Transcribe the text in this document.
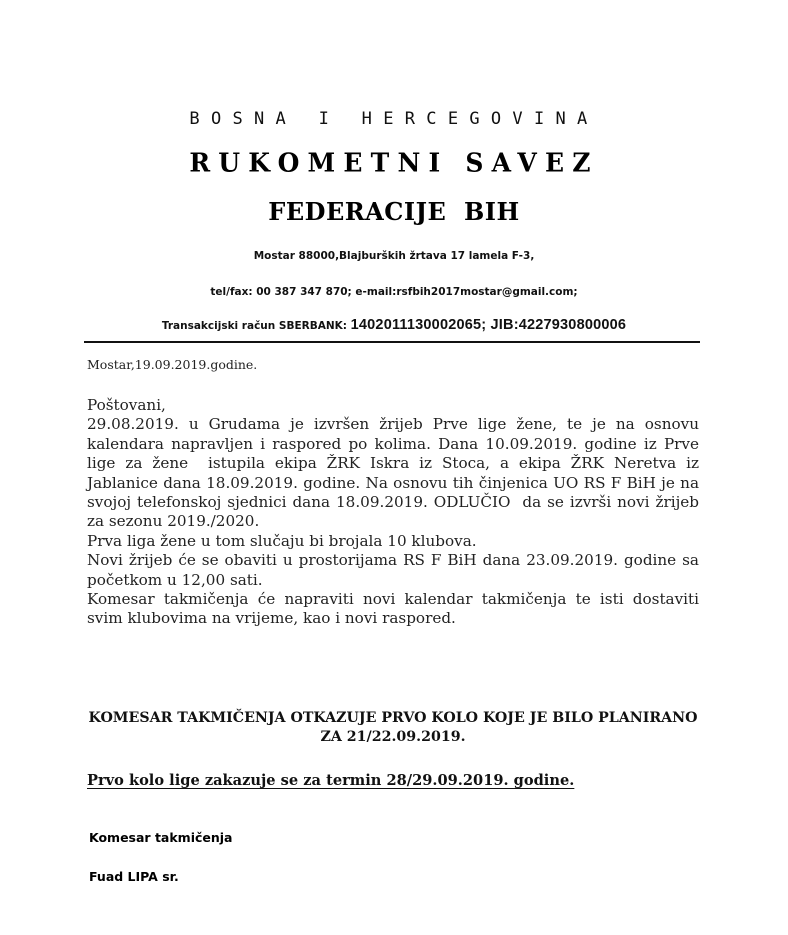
BOSNA I HERCEGOVINA
RUKOMETNI SAVEZ
FEDERACIJE  BIH
Mostar 88000,Blajburških žrtava 17 lamela F-3,
tel/fax: 00 387 347 870; e-mail:rsfbih2017mostar@gmail.com;
Transakcijski račun SBERBANK: 1402011130002065; JIB:4227930800006
Mostar,19.09.2019.godine.

Poštovani,

29.08.2019. u Grudama je izvršen žrijeb Prve lige žene, te je na osnovu kalendara napravljen i raspored po kolima. Dana 10.09.2019. godine iz Prve lige za žene  istupila ekipa ŽRK Iskra iz Stoca, a ekipa ŽRK Neretva iz Jablanice dana 18.09.2019. godine. Na osnovu tih činjenica UO RS F BiH je na svojoj telefonskoj sjednici dana 18.09.2019. ODLUČIO  da se izvrši novi žrijeb za sezonu 2019./2020.

Prva liga žene u tom slučaju bi brojala 10 klubova.

Novi žrijeb će se obaviti u prostorijama RS F BiH dana 23.09.2019. godine sa početkom u 12,00 sati.

Komesar takmičenja će napraviti novi kalendar takmičenja te isti dostaviti svim klubovima na vrijeme, kao i novi raspored.

KOMESAR TAKMIČENJA OTKAZUJE PRVO KOLO KOJE JE BILO PLANIRANO ZA 21/22.09.2019.
Prvo kolo lige zakazuje se za termin 28/29.09.2019. godine.
Komesar takmičenja
Fuad LIPA sr.
